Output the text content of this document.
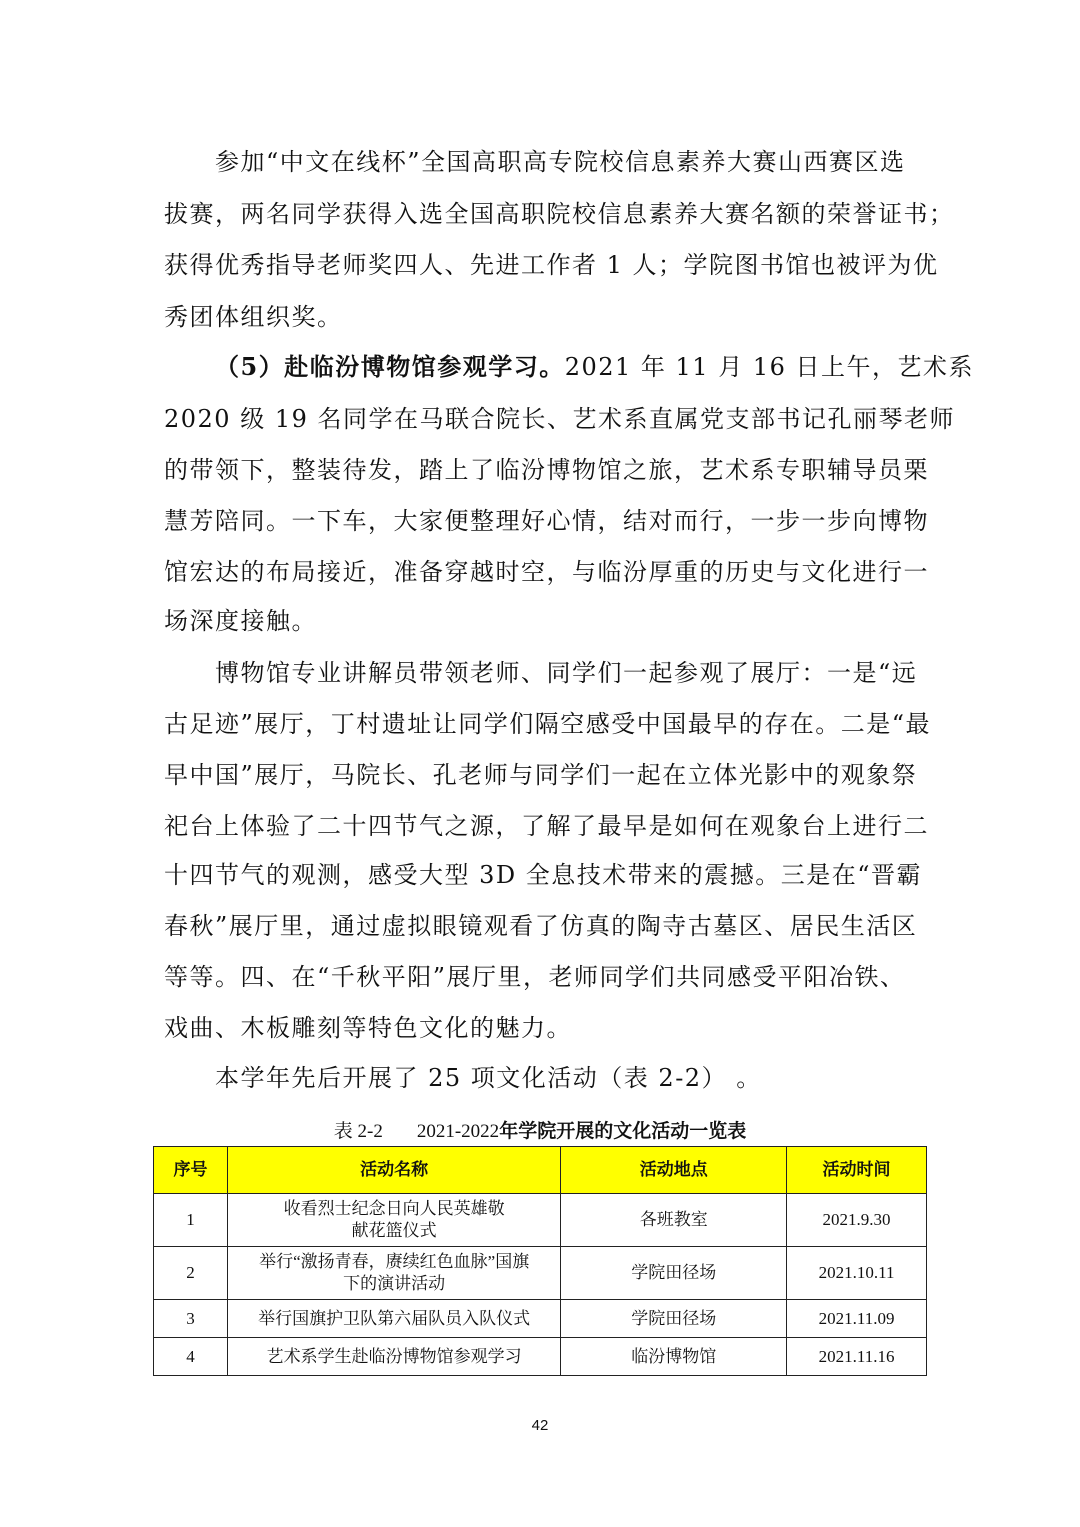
参加“中文在线杯”全国高职高专院校信息素养大赛山西赛区选
拔赛，两名同学获得入选全国高职院校信息素养大赛名额的荣誉证书；
获得优秀指导老师奖四人、先进工作者 1 人；学院图书馆也被评为优
秀团体组织奖。
（5）赴临汾博物馆参观学习。2021 年 11 月 16 日上午，艺术系
2020 级 19 名同学在马联合院长、艺术系直属党支部书记孔丽琴老师
的带领下，整装待发，踏上了临汾博物馆之旅，艺术系专职辅导员栗
慧芳陪同。一下车，大家便整理好心情，结对而行，一步一步向博物
馆宏达的布局接近，准备穿越时空，与临汾厚重的历史与文化进行一
场深度接触。
博物馆专业讲解员带领老师、同学们一起参观了展厅：一是“远
古足迹”展厅，丁村遗址让同学们隔空感受中国最早的存在。二是“最
早中国”展厅，马院长、孔老师与同学们一起在立体光影中的观象祭
祀台上体验了二十四节气之源，了解了最早是如何在观象台上进行二
十四节气的观测，感受大型 3D 全息技术带来的震撼。三是在“晋霸
春秋”展厅里，通过虚拟眼镜观看了仿真的陶寺古墓区、居民生活区
等等。四、在“千秋平阳”展厅里，老师同学们共同感受平阳冶铁、
戏曲、木板雕刻等特色文化的魅力。
本学年先后开展了 25 项文化活动（表 2-2） 。
表 2-2 2021-2022年学院开展的文化活动一览表
序号	活动名称	活动地点	活动时间
1	收看烈士纪念日向人民英雄敬
献花篮仪式	各班教室	2021.9.30
2	举行“激扬青春，赓续红色血脉”国旗
下的演讲活动	学院田径场	2021.10.11
3	举行国旗护卫队第六届队员入队仪式	学院田径场	2021.11.09
4	艺术系学生赴临汾博物馆参观学习	临汾博物馆	2021.11.16
42
